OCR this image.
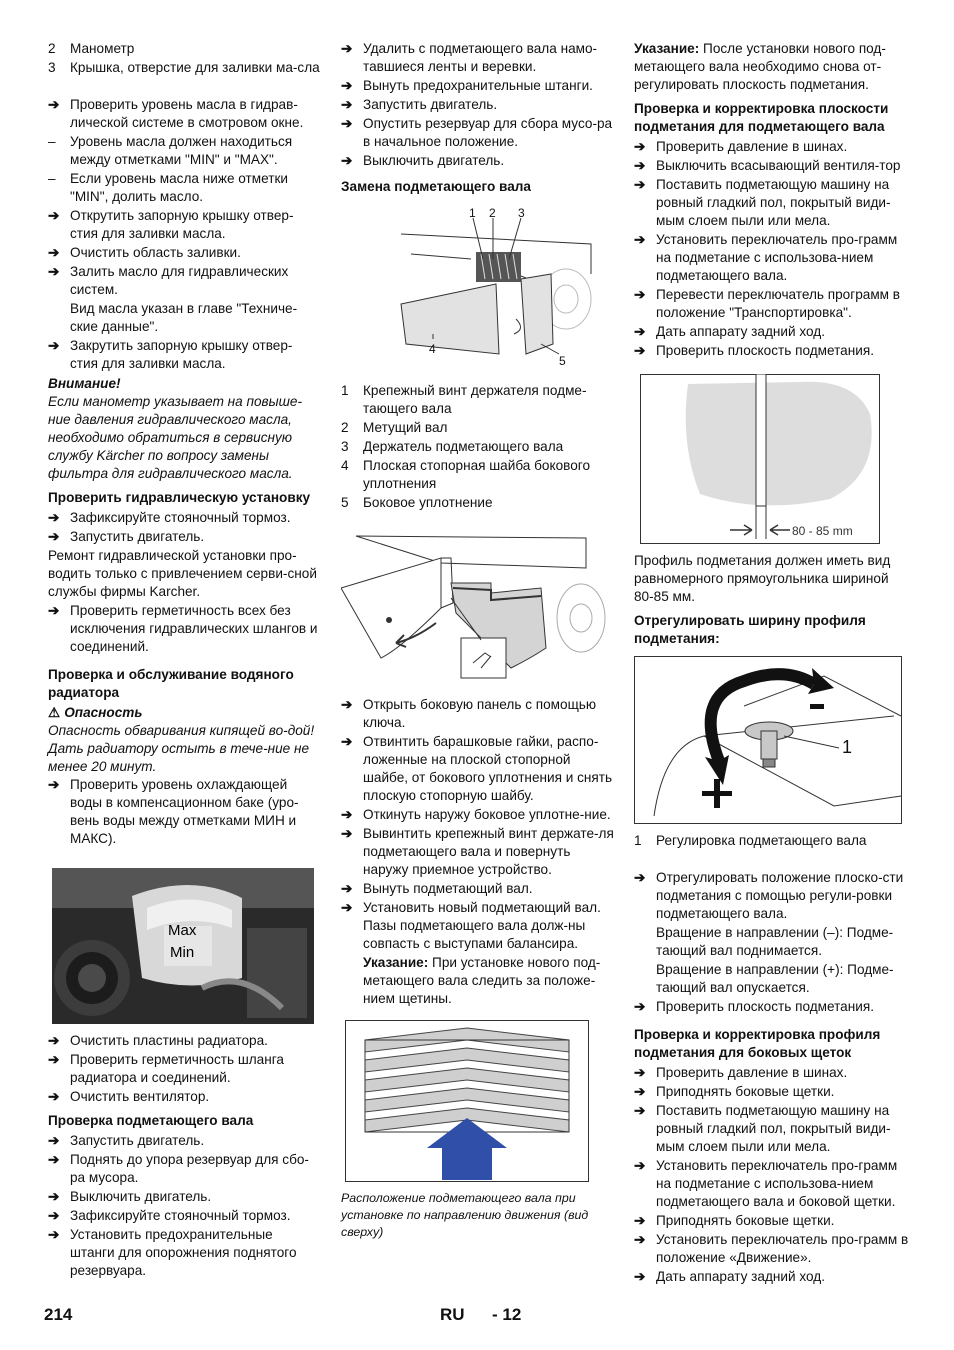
2	Манометр
3	Крышка, отверстие для заливки ма-сла
➔ Проверить уровень масла в гидрав-лической системе в смотровом окне.
–	Уровень масла должен находиться между отметками "MIN" и "MAX".
–	Если уровень масла ниже отметки "MIN", долить масло.
➔ Открутить запорную крышку отвер-стия для заливки масла.
➔ Очистить область заливки.
➔ Залить масло для гидравлических систем.
Вид масла указан в главе "Техниче-ские данные".
➔ Закрутить запорную крышку отвер-стия для заливки масла.
Внимание!
Если манометр указывает на повыше-ние давления гидравлического масла, необходимо обратиться в сервисную службу Kärcher по вопросу замены фильтра для гидравлического масла.
Проверить гидравлическую установку
➔ Зафиксируйте стояночный тормоз.
➔ Запустить двигатель.
Ремонт гидравлической установки про-водить только с привлечением серви-сной службы фирмы Karcher.
➔ Проверить герметичность всех без исключения гидравлических шлангов и соединений.
Проверка и обслуживание водяного радиатора
⚠ Опасность
Опасность обваривания кипящей во-дой! Дать радиатору остыть в тече-ние не менее 20 минут.
➔ Проверить уровень охлаждающей воды в компенсационном баке (уро-вень воды между отметками МИН и МАКС).
Max
Min
➔ Очистить пластины радиатора.
➔ Проверить герметичность шланга радиатора и соединений.
➔ Очистить вентилятор.
Проверка подметающего вала
➔ Запустить двигатель.
➔ Поднять до упора резервуар для сбо-ра мусора.
➔ Выключить двигатель.
➔ Зафиксируйте стояночный тормоз.
➔ Установить предохранительные штанги для опорожнения поднятого резервуара.
➔ Удалить с подметающего вала намо-тавшиеся ленты и веревки.
➔ Вынуть предохранительные штанги.
➔ Запустить двигатель.
➔ Опустить резервуар для сбора мусо-ра в начальное положение.
➔ Выключить двигатель.
Замена подметающего вала
1 2 3
4
5
1	Крепежный винт держателя подме-тающего вала
2	Метущий вал
3	Держатель подметающего вала
4	Плоская стопорная шайба бокового уплотнения
5	Боковое уплотнение
➔ Открыть боковую панель с помощью ключа.
➔ Отвинтить барашковые гайки, распо-ложенные на плоской стопорной шайбе, от бокового уплотнения и снять плоскую стопорную шайбу.
➔ Откинуть наружу боковое уплотне-ние.
➔ Вывинтить крепежный винт держате-ля подметающего вала и повернуть наружу приемное устройство.
➔ Вынуть подметающий вал.
➔ Установить новый подметающий вал. Пазы подметающего вала долж-ны совпасть с выступами балансира.
Указание: При установке нового под-метающего вала следить за положе-нием щетины.
Расположение подметающего вала при установке по направлению движения (вид сверху)
Указание: После установки нового под-метающего вала необходимо снова от-регулировать плоскость подметания.
Проверка и корректировка плоскости подметания для подметающего вала
➔ Проверить давление в шинах.
➔ Выключить всасывающий вентиля-тор
➔ Поставить подметающую машину на ровный гладкий пол, покрытый види-мым слоем пыли или мела.
➔ Установить переключатель про-грамм на подметание с использова-нием подметающего вала.
➔ Перевести переключатель программ в положение "Транспортировка".
➔ Дать аппарату задний ход.
➔ Проверить плоскость подметания.
80 - 85 mm
Профиль подметания должен иметь вид равномерного прямоугольника шириной 80-85 мм.
Отрегулировать ширину профиля подметания:
1
1	Регулировка подметающего вала
➔ Отрегулировать положение плоско-сти подметания с помощью регули-ровки подметающего вала.
Вращение в направлении (–): Подме-тающий вал поднимается.
Вращение в направлении (+): Подме-тающий вал опускается.
➔ Проверить плоскость подметания.
Проверка и корректировка профиля подметания для боковых щеток
➔ Проверить давление в шинах.
➔ Приподнять боковые щетки.
➔ Поставить подметающую машину на ровный гладкий пол, покрытый види-мым слоем пыли или мела.
➔ Установить переключатель про-грамм на подметание с использова-нием подметающего вала и боковой щетки.
➔ Приподнять боковые щетки.
➔ Установить переключатель про-грамм в положение «Движение».
➔ Дать аппарату задний ход.
214	RU - 12
